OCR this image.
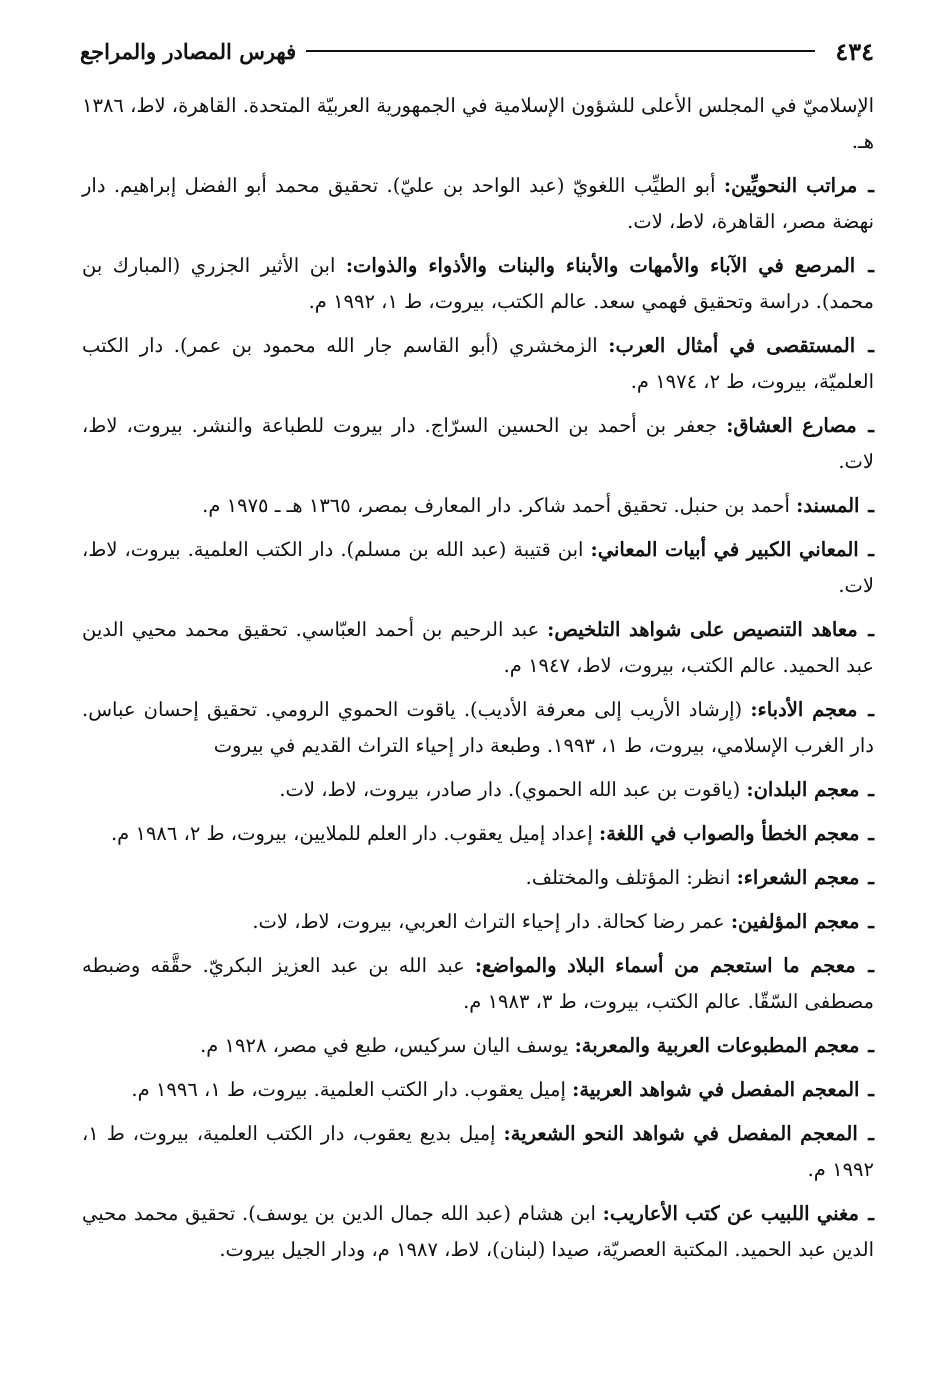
٤٣٤
فهرس المصادر والمراجع

الإسلاميّ في المجلس الأعلى للشؤون الإسلامية في الجمهورية العربيّة المتحدة. القاهرة، لاط، ١٣٨٦ هـ.

ـ مراتب النحويِّين: أبو الطيِّب اللغويّ (عبد الواحد بن عليّ). تحقيق محمد أبو الفضل إبراهيم. دار نهضة مصر، القاهرة، لاط، لات.

ـ المرصع في الآباء والأمهات والأبناء والبنات والأذواء والذوات: ابن الأثير الجزري (المبارك بن محمد). دراسة وتحقيق فهمي سعد. عالم الكتب، بيروت، ط ١، ١٩٩٢ م.

ـ المستقصى في أمثال العرب: الزمخشري (أبو القاسم جار الله محمود بن عمر). دار الكتب العلميّة، بيروت، ط ٢، ١٩٧٤ م.

ـ مصارع العشاق: جعفر بن أحمد بن الحسين السرّاج. دار بيروت للطباعة والنشر. بيروت، لاط، لات.

ـ المسند: أحمد بن حنبل. تحقيق أحمد شاكر. دار المعارف بمصر، ١٣٦٥ هـ ـ ١٩٧٥ م.

ـ المعاني الكبير في أبيات المعاني: ابن قتيبة (عبد الله بن مسلم). دار الكتب العلمية. بيروت، لاط، لات.

ـ معاهد التنصيص على شواهد التلخيص: عبد الرحيم بن أحمد العبّاسي. تحقيق محمد محيي الدين عبد الحميد. عالم الكتب، بيروت، لاط، ١٩٤٧ م.

ـ معجم الأدباء: (إرشاد الأريب إلى معرفة الأديب). ياقوت الحموي الرومي. تحقيق إحسان عباس. دار الغرب الإسلامي، بيروت، ط ١، ١٩٩٣. وطبعة دار إحياء التراث القديم في بيروت

ـ معجم البلدان: (ياقوت بن عبد الله الحموي). دار صادر، بيروت، لاط، لات.

ـ معجم الخطأ والصواب في اللغة: إعداد إميل يعقوب. دار العلم للملايين، بيروت، ط ٢، ١٩٨٦ م.

ـ معجم الشعراء: انظر: المؤتلف والمختلف.

ـ معجم المؤلفين: عمر رضا كحالة. دار إحياء التراث العربي، بيروت، لاط، لات.

ـ معجم ما استعجم من أسماء البلاد والمواضع: عبد الله بن عبد العزيز البكريّ. حقَّقه وضبطه مصطفى السّقّا. عالم الكتب، بيروت، ط ٣، ١٩٨٣ م.

ـ معجم المطبوعات العربية والمعربة: يوسف اليان سركيس، طبع في مصر، ١٩٢٨ م.

ـ المعجم المفصل في شواهد العربية: إميل يعقوب. دار الكتب العلمية. بيروت، ط ١، ١٩٩٦ م.

ـ المعجم المفصل في شواهد النحو الشعرية: إميل بديع يعقوب، دار الكتب العلمية، بيروت، ط ١، ١٩٩٢ م.

ـ مغني اللبيب عن كتب الأعاريب: ابن هشام (عبد الله جمال الدين بن يوسف). تحقيق محمد محيي الدين عبد الحميد. المكتبة العصريّة، صيدا (لبنان)، لاط، ١٩٨٧ م، ودار الجيل بيروت.
